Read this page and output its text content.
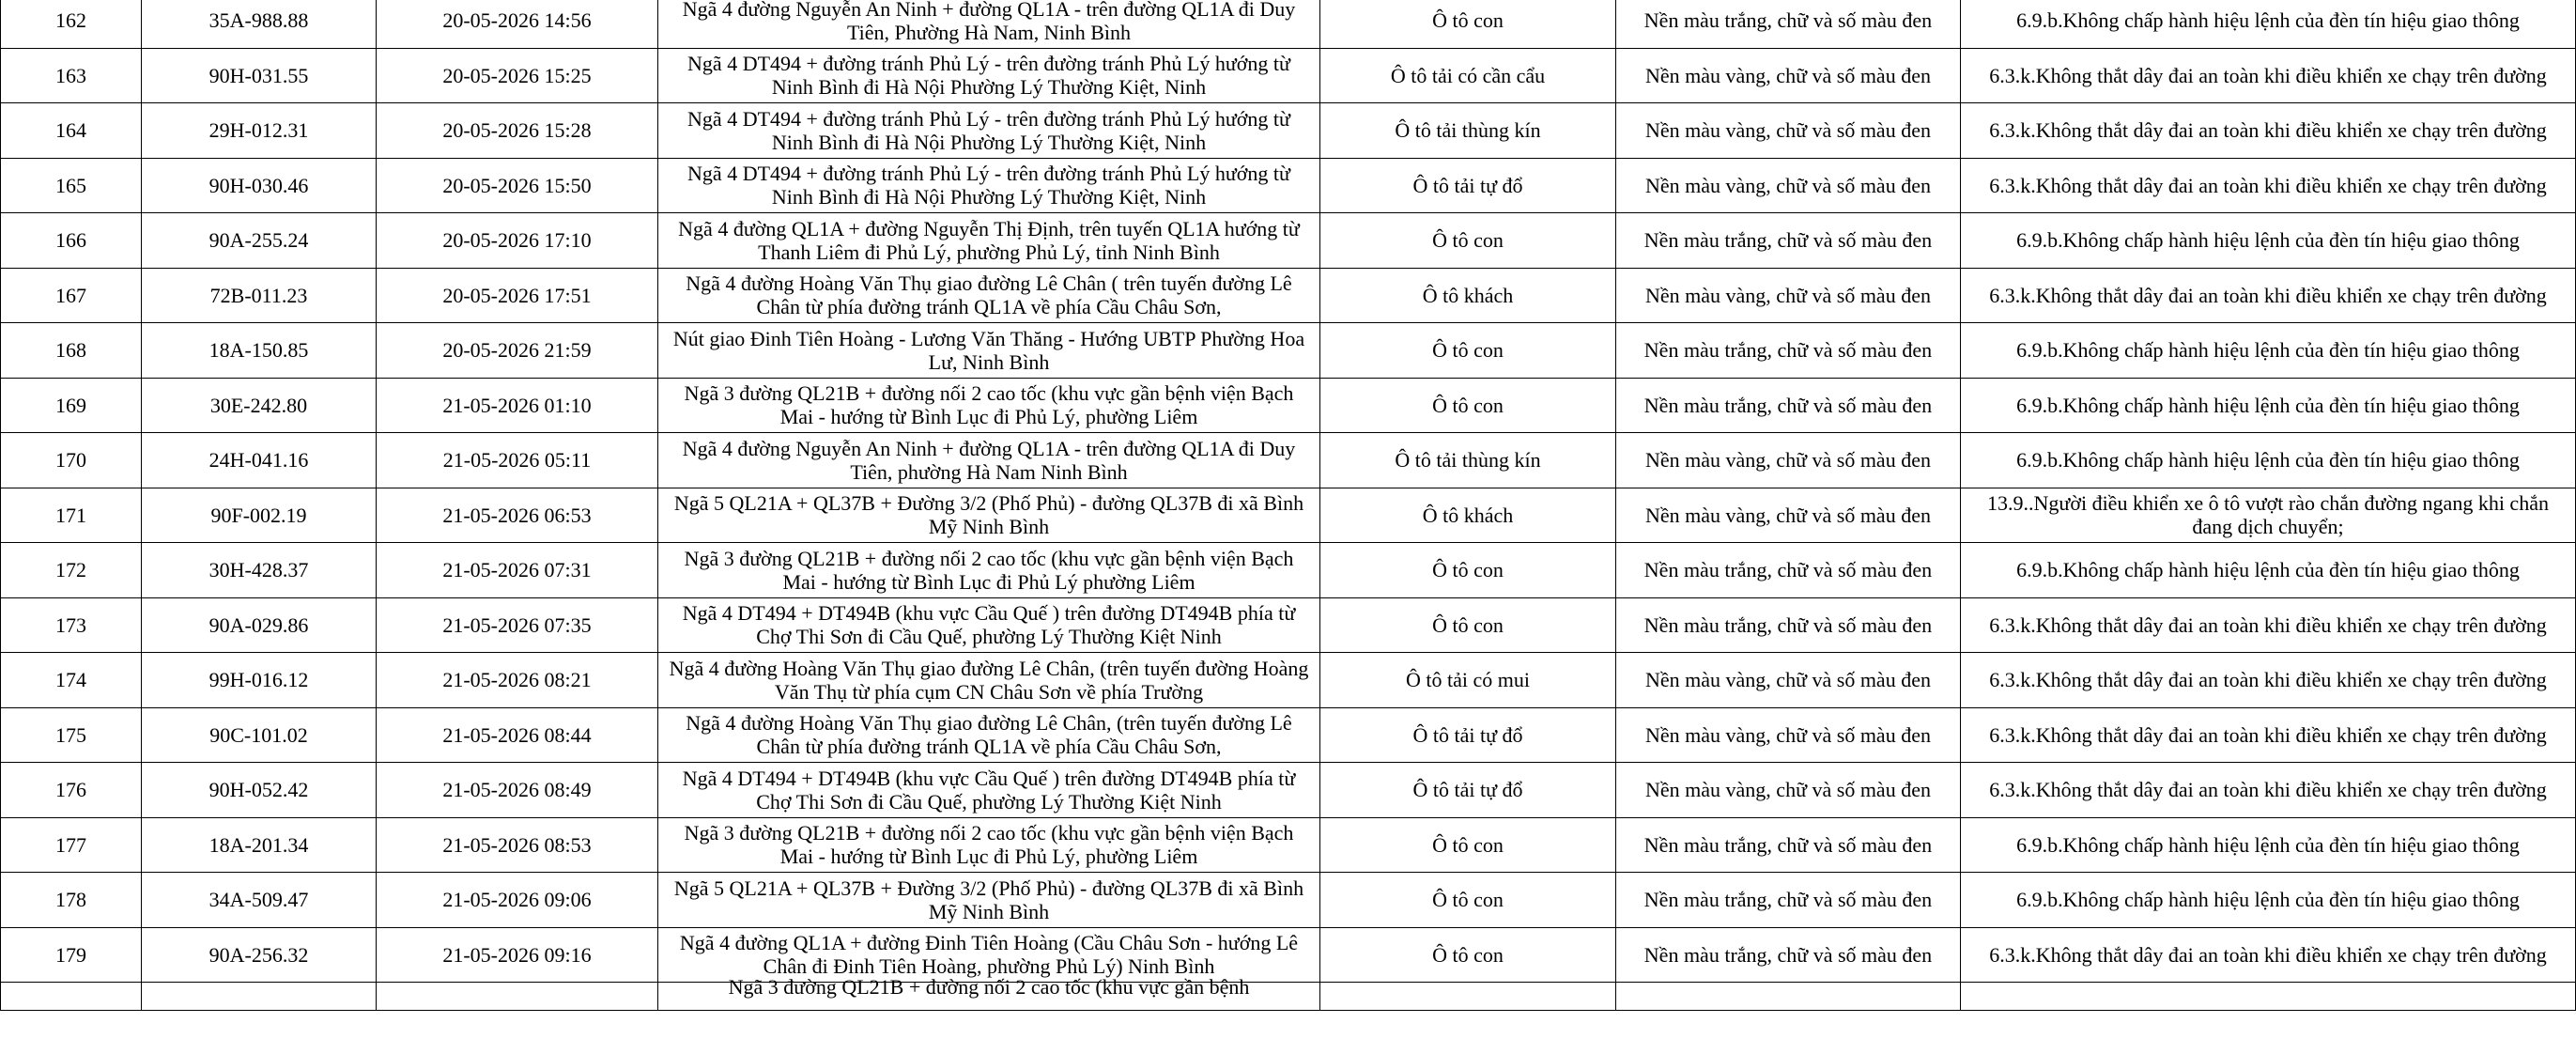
162	35A-988.88	20-05-2026 14:56	Ngã 4 đường Nguyễn An Ninh + đường QL1A - trên đường QL1A đi Duy Tiên, Phường Hà Nam, Ninh Bình	Ô tô con	Nền màu trắng, chữ và số màu đen	6.9.b.Không chấp hành hiệu lệnh của đèn tín hiệu giao thông

163	90H-031.55	20-05-2026 15:25	Ngã 4 DT494 + đường tránh Phủ Lý - trên đường tránh Phủ Lý hướng từ Ninh Bình đi Hà Nội Phường Lý Thường Kiệt, Ninh	Ô tô tải có cần cẩu	Nền màu vàng, chữ và số màu đen	6.3.k.Không thắt dây đai an toàn khi điều khiển xe chạy trên đường

164	29H-012.31	20-05-2026 15:28	Ngã 4 DT494 + đường tránh Phủ Lý - trên đường tránh Phủ Lý hướng từ Ninh Bình đi Hà Nội Phường Lý Thường Kiệt, Ninh	Ô tô tải thùng kín	Nền màu vàng, chữ và số màu đen	6.3.k.Không thắt dây đai an toàn khi điều khiển xe chạy trên đường

165	90H-030.46	20-05-2026 15:50	Ngã 4 DT494 + đường tránh Phủ Lý - trên đường tránh Phủ Lý hướng từ Ninh Bình đi Hà Nội Phường Lý Thường Kiệt, Ninh	Ô tô tải tự đổ	Nền màu vàng, chữ và số màu đen	6.3.k.Không thắt dây đai an toàn khi điều khiển xe chạy trên đường

166	90A-255.24	20-05-2026 17:10	Ngã 4 đường QL1A + đường Nguyễn Thị Định, trên tuyến QL1A hướng từ Thanh Liêm đi Phủ Lý, phường Phủ Lý, tỉnh Ninh Bình	Ô tô con	Nền màu trắng, chữ và số màu đen	6.9.b.Không chấp hành hiệu lệnh của đèn tín hiệu giao thông

167	72B-011.23	20-05-2026 17:51	Ngã 4 đường Hoàng Văn Thụ giao đường Lê Chân ( trên tuyến đường Lê Chân từ phía đường tránh QL1A về phía Cầu Châu Sơn,	Ô tô khách	Nền màu vàng, chữ và số màu đen	6.3.k.Không thắt dây đai an toàn khi điều khiển xe chạy trên đường

168	18A-150.85	20-05-2026 21:59	Nút giao Đinh Tiên Hoàng - Lương Văn Thăng - Hướng UBTP Phường Hoa Lư, Ninh Bình	Ô tô con	Nền màu trắng, chữ và số màu đen	6.9.b.Không chấp hành hiệu lệnh của đèn tín hiệu giao thông

169	30E-242.80	21-05-2026 01:10	Ngã 3 đường QL21B + đường nối 2 cao tốc (khu vực gần bệnh viện Bạch Mai - hướng từ Bình Lục đi Phủ Lý, phường Liêm	Ô tô con	Nền màu trắng, chữ và số màu đen	6.9.b.Không chấp hành hiệu lệnh của đèn tín hiệu giao thông

170	24H-041.16	21-05-2026 05:11	Ngã 4 đường Nguyễn An Ninh + đường QL1A - trên đường QL1A đi Duy Tiên, phường Hà Nam Ninh Bình	Ô tô tải thùng kín	Nền màu vàng, chữ và số màu đen	6.9.b.Không chấp hành hiệu lệnh của đèn tín hiệu giao thông

171	90F-002.19	21-05-2026 06:53	Ngã 5 QL21A + QL37B + Đường 3/2 (Phố Phủ) - đường QL37B đi xã Bình Mỹ Ninh Bình	Ô tô khách	Nền màu vàng, chữ và số màu đen	13.9..Người điều khiển xe ô tô vượt rào chắn đường ngang khi chắn đang dịch chuyển;

172	30H-428.37	21-05-2026 07:31	Ngã 3 đường QL21B + đường nối 2 cao tốc (khu vực gần bệnh viện Bạch Mai - hướng từ Bình Lục đi Phủ Lý phường Liêm	Ô tô con	Nền màu trắng, chữ và số màu đen	6.9.b.Không chấp hành hiệu lệnh của đèn tín hiệu giao thông

173	90A-029.86	21-05-2026 07:35	Ngã 4 DT494 + DT494B (khu vực Cầu Quế ) trên đường DT494B phía từ Chợ Thi Sơn đi Cầu Quế, phường Lý Thường Kiệt Ninh	Ô tô con	Nền màu trắng, chữ và số màu đen	6.3.k.Không thắt dây đai an toàn khi điều khiển xe chạy trên đường

174	99H-016.12	21-05-2026 08:21	Ngã 4 đường Hoàng Văn Thụ giao đường Lê Chân, (trên tuyến đường Hoàng Văn Thụ từ phía cụm CN Châu Sơn về phía Trường	Ô tô tải có mui	Nền màu vàng, chữ và số màu đen	6.3.k.Không thắt dây đai an toàn khi điều khiển xe chạy trên đường

175	90C-101.02	21-05-2026 08:44	Ngã 4 đường Hoàng Văn Thụ giao đường Lê Chân, (trên tuyến đường Lê Chân từ phía đường tránh QL1A về phía Cầu Châu Sơn,	Ô tô tải tự đổ	Nền màu vàng, chữ và số màu đen	6.3.k.Không thắt dây đai an toàn khi điều khiển xe chạy trên đường

176	90H-052.42	21-05-2026 08:49	Ngã 4 DT494 + DT494B (khu vực Cầu Quế ) trên đường DT494B phía từ Chợ Thi Sơn đi Cầu Quế, phường Lý Thường Kiệt Ninh	Ô tô tải tự đổ	Nền màu vàng, chữ và số màu đen	6.3.k.Không thắt dây đai an toàn khi điều khiển xe chạy trên đường

177	18A-201.34	21-05-2026 08:53	Ngã 3 đường QL21B + đường nối 2 cao tốc (khu vực gần bệnh viện Bạch Mai - hướng từ Bình Lục đi Phủ Lý, phường Liêm	Ô tô con	Nền màu trắng, chữ và số màu đen	6.9.b.Không chấp hành hiệu lệnh của đèn tín hiệu giao thông

178	34A-509.47	21-05-2026 09:06	Ngã 5 QL21A + QL37B + Đường 3/2 (Phố Phủ) - đường QL37B đi xã Bình Mỹ Ninh Bình	Ô tô con	Nền màu trắng, chữ và số màu đen	6.9.b.Không chấp hành hiệu lệnh của đèn tín hiệu giao thông

179	90A-256.32	21-05-2026 09:16	Ngã 4 đường QL1A + đường Đinh Tiên Hoàng (Cầu Châu Sơn - hướng Lê Chân đi Đinh Tiên Hoàng, phường Phủ Lý) Ninh Bình	Ô tô con	Nền màu trắng, chữ và số màu đen	6.3.k.Không thắt dây đai an toàn khi điều khiển xe chạy trên đường

			Ngã 3 đường QL21B + đường nối 2 cao tốc (khu vực gần bệnh			
